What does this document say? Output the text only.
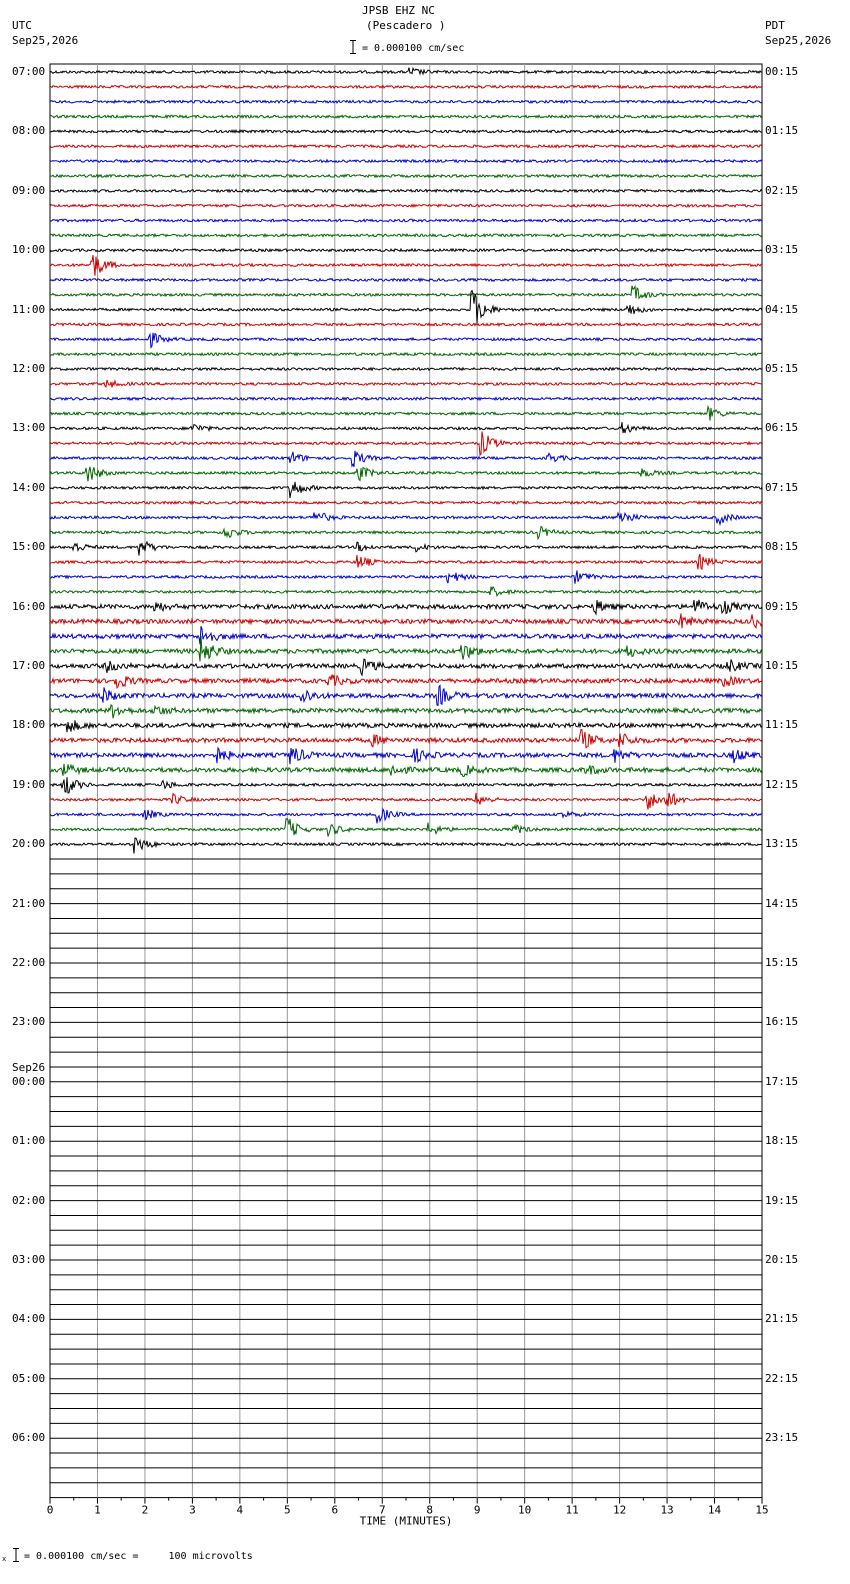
JPSB EHZ NC
(Pescadero )
= 0.000100 cm/sec
UTC
Sep25,2026
PDT
Sep25,2026
0	1	2	3	4	5	6	7	8	9	10	11	12	13	14	15
TIME (MINUTES)
07:00
08:00
09:00
10:00
11:00
12:00
13:00
14:00
15:00
16:00
17:00
18:00
19:00
20:00
21:00
22:00
23:00
00:00
Sep26
01:00
02:00
03:00
04:00
05:00
06:00
00:15
01:15
02:15
03:15
04:15
05:15
06:15
07:15
08:15
09:15
10:15
11:15
12:15
13:15
14:15
15:15
16:15
17:15
18:15
19:15
20:15
21:15
22:15
23:15
x = 0.000100 cm/sec =     100 microvolts
